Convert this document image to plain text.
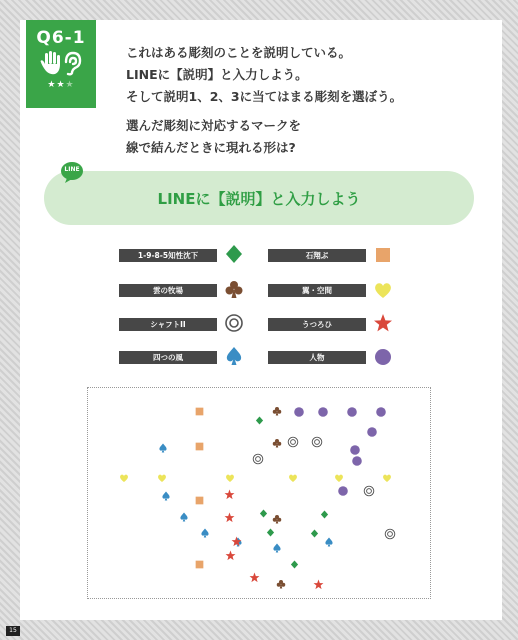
Q6-1
★★★
これはある彫刻のことを説明している。
LINEに【説明】と入力しよう。
そして説明1、2、3に当てはまる彫刻を選ぼう。
選んだ彫刻に対応するマークを
線で結んだときに現れる形は?
LINEに【説明】と入力しよう
LINE
1-9-8-5知性沈下	石翔ぶ
雲の牧場	翼・空間
シャフトII	うつろひ
四つの風	人物
15
